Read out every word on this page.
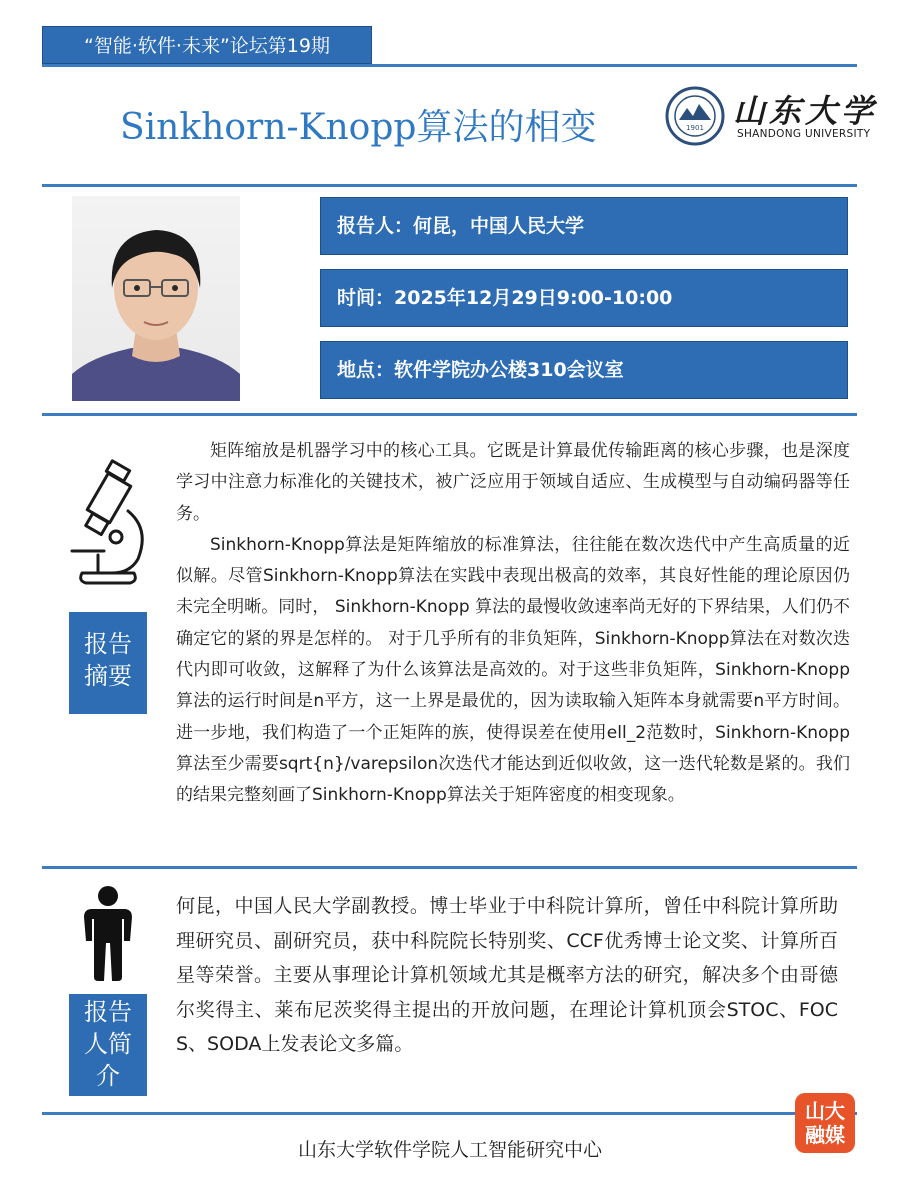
“智能·软件·未来”论坛第19期
Sinkhorn-Knopp算法的相变	1901 山东大学
SHANDONG UNIVERSITY
报告人：何昆，中国人民大学
时间：2025年12月29日9:00-10:00
地点：软件学院办公楼310会议室
报告摘要

矩阵缩放是机器学习中的核心工具。它既是计算最优传输距离的核心步骤，也是深度学习中注意力标准化的关键技术，被广泛应用于领域自适应、生成模型与自动编码器等任务。

Sinkhorn-Knopp算法是矩阵缩放的标准算法，往往能在数次迭代中产生高质量的近似解。尽管Sinkhorn-Knopp算法在实践中表现出极高的效率，其良好性能的理论原因仍未完全明晰。同时， Sinkhorn-Knopp 算法的最慢收敛速率尚无好的下界结果，人们仍不确定它的紧的界是怎样的。 对于几乎所有的非负矩阵，Sinkhorn-Knopp算法在对数次迭代内即可收敛，这解释了为什么该算法是高效的。对于这些非负矩阵，Sinkhorn-Knopp算法的运行时间是n平方，这一上界是最优的，因为读取输入矩阵本身就需要n平方时间。进一步地，我们构造了一个正矩阵的族，使得误差在使用ell_2范数时，Sinkhorn-Knopp算法至少需要sqrt{n}/varepsilon次迭代才能达到近似收敛，这一迭代轮数是紧的。我们的结果完整刻画了Sinkhorn-Knopp算法关于矩阵密度的相变现象。

报告人简介
何昆，中国人民大学副教授。博士毕业于中科院计算所，曾任中科院计算所助理研究员、副研究员，获中科院院长特别奖、CCF优秀博士论文奖、计算所百星等荣誉。主要从事理论计算机领域尤其是概率方法的研究，解决多个由哥德尔奖得主、莱布尼茨奖得主提出的开放问题，在理论计算机顶会STOC、FOCS、SODA上发表论文多篇。
山东大学软件学院人工智能研究中心
山大
融媒
